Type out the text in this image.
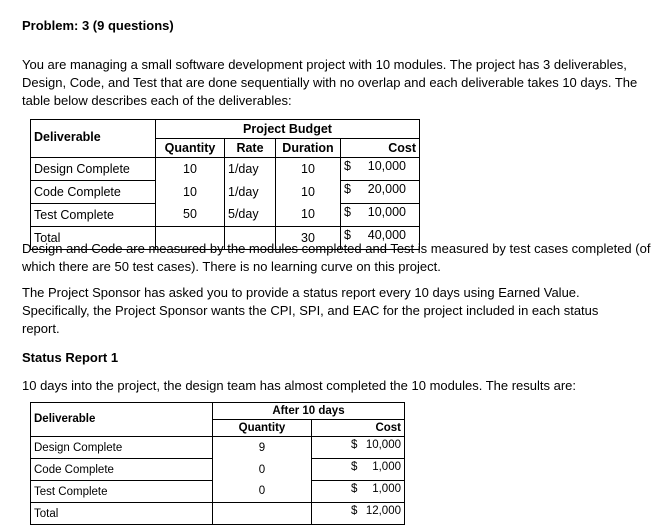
Problem: 3 (9 questions)
You are managing a small software development project with 10 modules. The project has 3 deliverables, Design, Code, and Test that are done sequentially with no overlap and each deliverable takes 10 days. The table below describes each of the deliverables:
Deliverable	Project Budget			
	Quantity	Rate	Duration	Cost
Design Complete	10	1/day	10	$ 10,000

Code Complete	10	1/day	10	$ 20,000

Test Complete	50	5/day	10	$ 10,000

Total			30	$ 40,000
Design and Code are measured by the modules completed and Test is measured by test cases completed (of which there are 50 test cases). There is no learning curve on this project.
The Project Sponsor has asked you to provide a status report every 10 days using Earned Value. Specifically, the Project Sponsor wants the CPI, SPI, and EAC for the project included in each status report.
Status Report 1
10 days into the project, the design team has almost completed the 10 modules. The results are:
Deliverable	After 10 days	
	Quantity	Cost
Design Complete	9	$ 10,000

Code Complete	0	$ 1,000

Test Complete	0	$ 1,000

Total		$ 12,000
